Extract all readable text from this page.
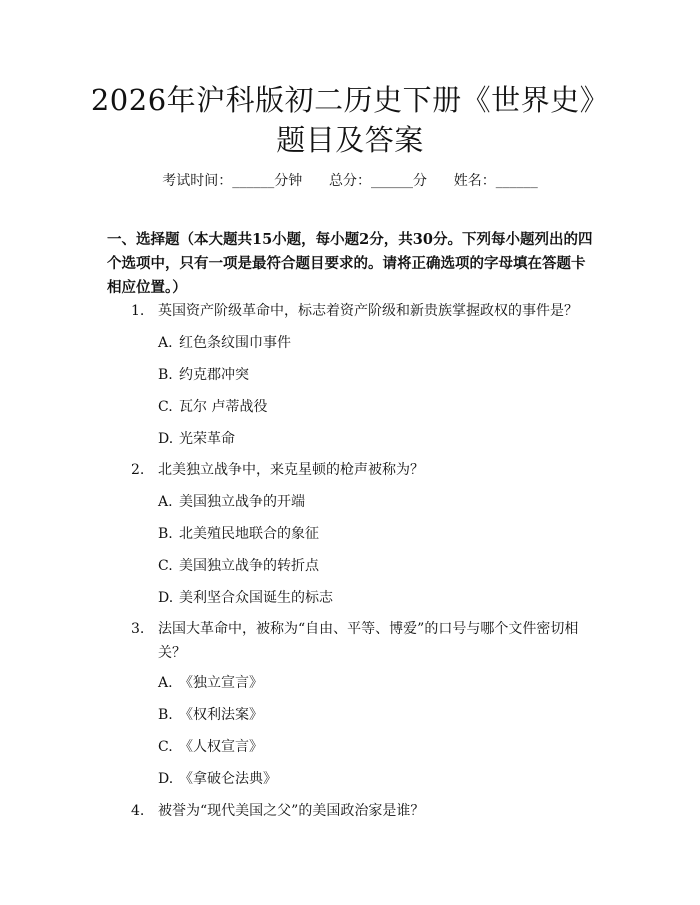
2026年沪科版初二历史下册《世界史》题目及答案
考试时间：______分钟      总分：______分      姓名：______
一、选择题（本大题共15小题，每小题2分，共30分。下列每小题列出的四个选项中，只有一项是最符合题目要求的。请将正确选项的字母填在答题卡相应位置。）
1. 英国资产阶级革命中，标志着资产阶级和新贵族掌握政权的事件是？
A. 红色条纹围巾事件
B. 约克郡冲突
C. 瓦尔 卢蒂战役
D. 光荣革命
2. 北美独立战争中，来克星顿的枪声被称为？
A. 美国独立战争的开端
B. 北美殖民地联合的象征
C. 美国独立战争的转折点
D. 美利坚合众国诞生的标志
3. 法国大革命中，被称为“自由、平等、博爱”的口号与哪个文件密切相关？
A. 《独立宣言》
B. 《权利法案》
C. 《人权宣言》
D. 《拿破仑法典》
4. 被誉为“现代美国之父”的美国政治家是谁？
